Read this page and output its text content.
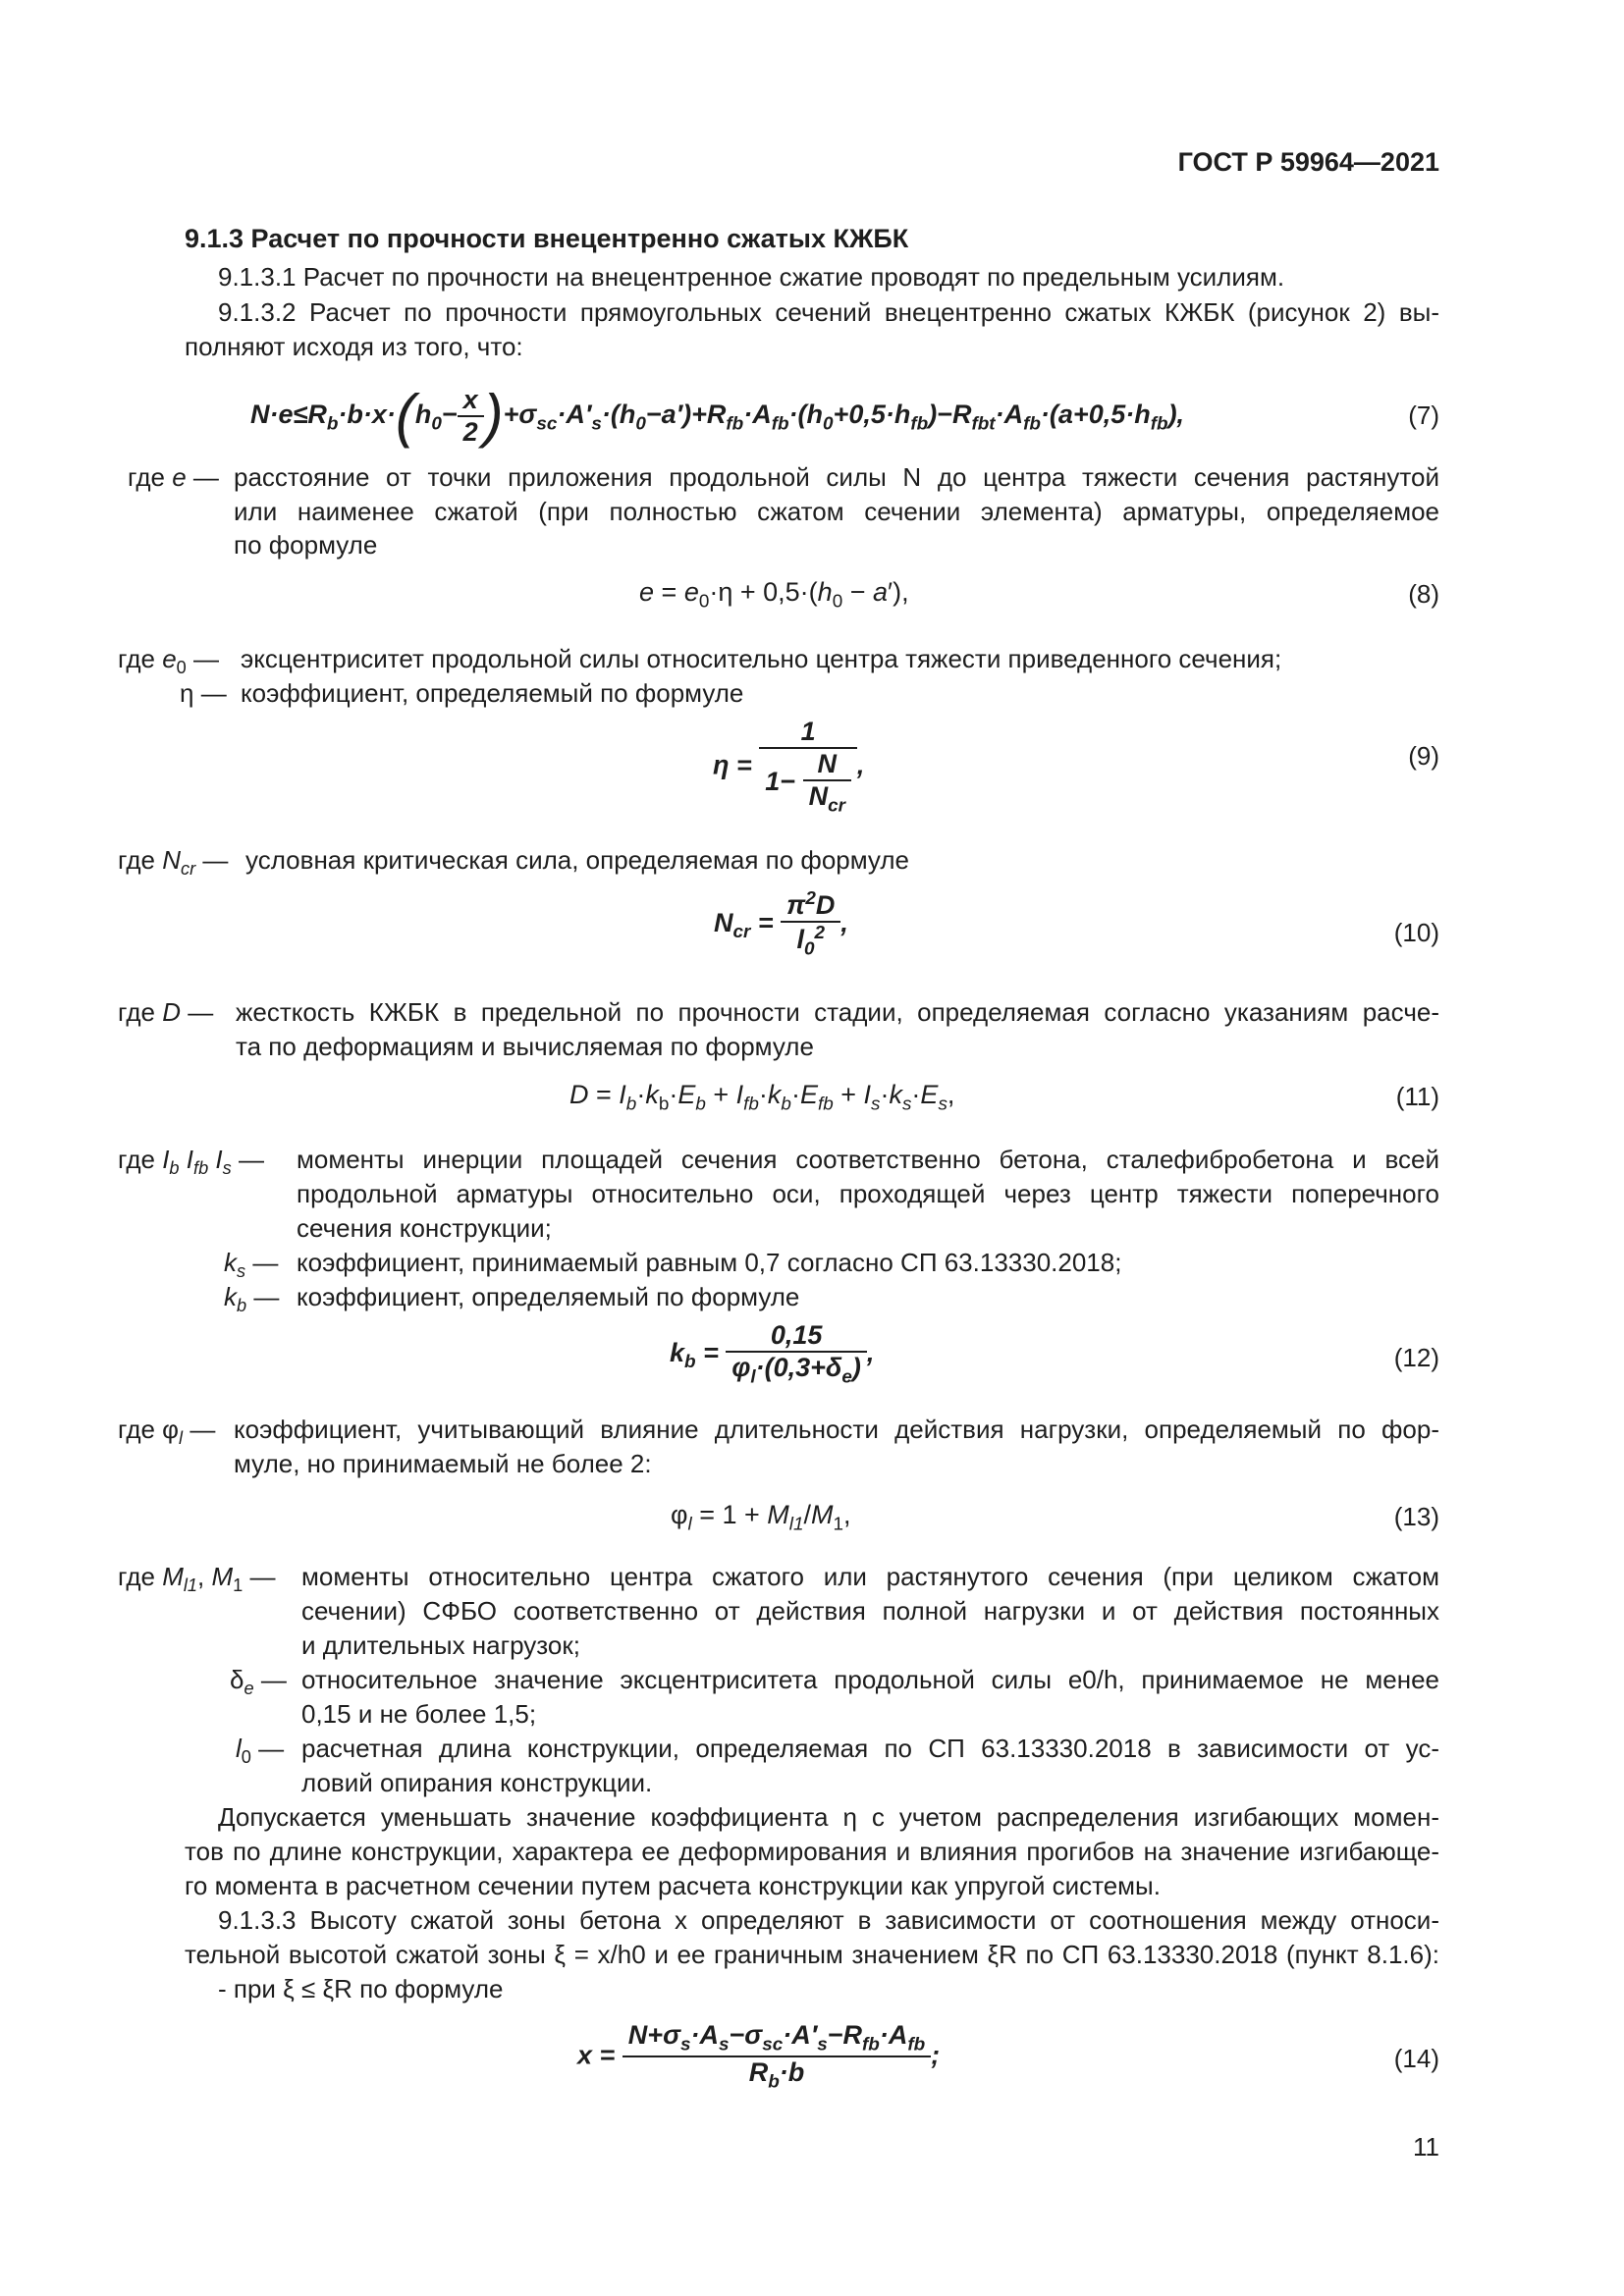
ГОСТ Р 59964—2021
9.1.3 Расчет по прочности внецентренно сжатых КЖБК
9.1.3.1 Расчет по прочности на внецентренное сжатие проводят по предельным усилиям.
9.1.3.2 Расчет по прочности прямоугольных сечений внецентренно сжатых КЖБК (рисунок 2) вы-
полняют исходя из того, что:
$N\cdot e\le R_b\cdot b\cdot x\cdot(h_0- \frac{x}{2} )+\sigma_{sc}\cdot A'_s\cdot(h_0-a')+R_{fb}\cdot A_{fb}\cdot(h_0+0,5\cdot h_{fb})-R_{fbt}\cdot A_{fb}\cdot(a+0,5\cdot h_{fb})$,	(7)
где e — расстояние от точки приложения продольной силы N до центра тяжести сечения растянутой
или наименее сжатой (при полностью сжатом сечении элемента) арматуры, определяемое
по формуле
$e = e_0\cdot\eta + 0,5\cdot(h_0 - a')$,	(8)
где $e_0$ — эксцентриситет продольной силы относительно центра тяжести приведенного сечения;
η — коэффициент, определяемый по формуле
$\eta = \frac{1}{1- \frac{N}{N_{cr}}}$ ,	(9)
где $N_{cr}$ — условная критическая сила, определяемая по формуле
$N_{cr} = \frac{\pi^2D}{l_0^2}$ ,	(10)
где D — жесткость КЖБК в предельной по прочности стадии, определяемая согласно указаниям расче-
та по деформациям и вычисляемая по формуле
$D = I_b\cdot k_b\cdot E_b + I_{fb}\cdot k_b\cdot E_{fb} + I_s\cdot k_s\cdot E_s$,	(11)
где $I_b$ $I_{fb}$ $I_s$ — моменты инерции площадей сечения соответственно бетона, сталефибробетона и всей
продольной арматуры относительно оси, проходящей через центр тяжести поперечного
сечения конструкции;
$k_s$ — коэффициент, принимаемый равным 0,7 согласно СП 63.13330.2018;
$k_b$ — коэффициент, определяемый по формуле
$k_b = \frac{0,15}{\varphi_l\cdot(0,3+\delta_e)}$ ,	(12)
где $\varphi_l$ — коэффициент, учитывающий влияние длительности действия нагрузки, определяемый по фор-
муле, но принимаемый не более 2:
$\varphi_l = 1 + M_{l1}/M_1$,	(13)
где $M_{l1}$, $M_1$ — моменты относительно центра сжатого или растянутого сечения (при целиком сжатом
сечении) СФБО соответственно от действия полной нагрузки и от действия постоянных
и длительных нагрузок;
$\delta_e$ — относительное значение эксцентриситета продольной силы e0/h, принимаемое не менее
0,15 и не более 1,5;
$l_0$ — расчетная длина конструкции, определяемая по СП 63.13330.2018 в зависимости от ус-
ловий опирания конструкции.
Допускается уменьшать значение коэффициента η с учетом распределения изгибающих момен-
тов по длине конструкции, характера ее деформирования и влияния прогибов на значение изгибающе-
го момента в расчетном сечении путем расчета конструкции как упругой системы.
9.1.3.3 Высоту сжатой зоны бетона x определяют в зависимости от соотношения между относи-
тельной высотой сжатой зоны ξ = x/h0 и ее граничным значением ξR по СП 63.13330.2018 (пункт 8.1.6):
- при ξ ≤ ξR по формуле
$x = \frac{N+\sigma_s\cdot A_s-\sigma_{sc}\cdot A'_s-R_{fb}\cdot A_{fb}}{R_b\cdot b}$ ;	(14)
11
